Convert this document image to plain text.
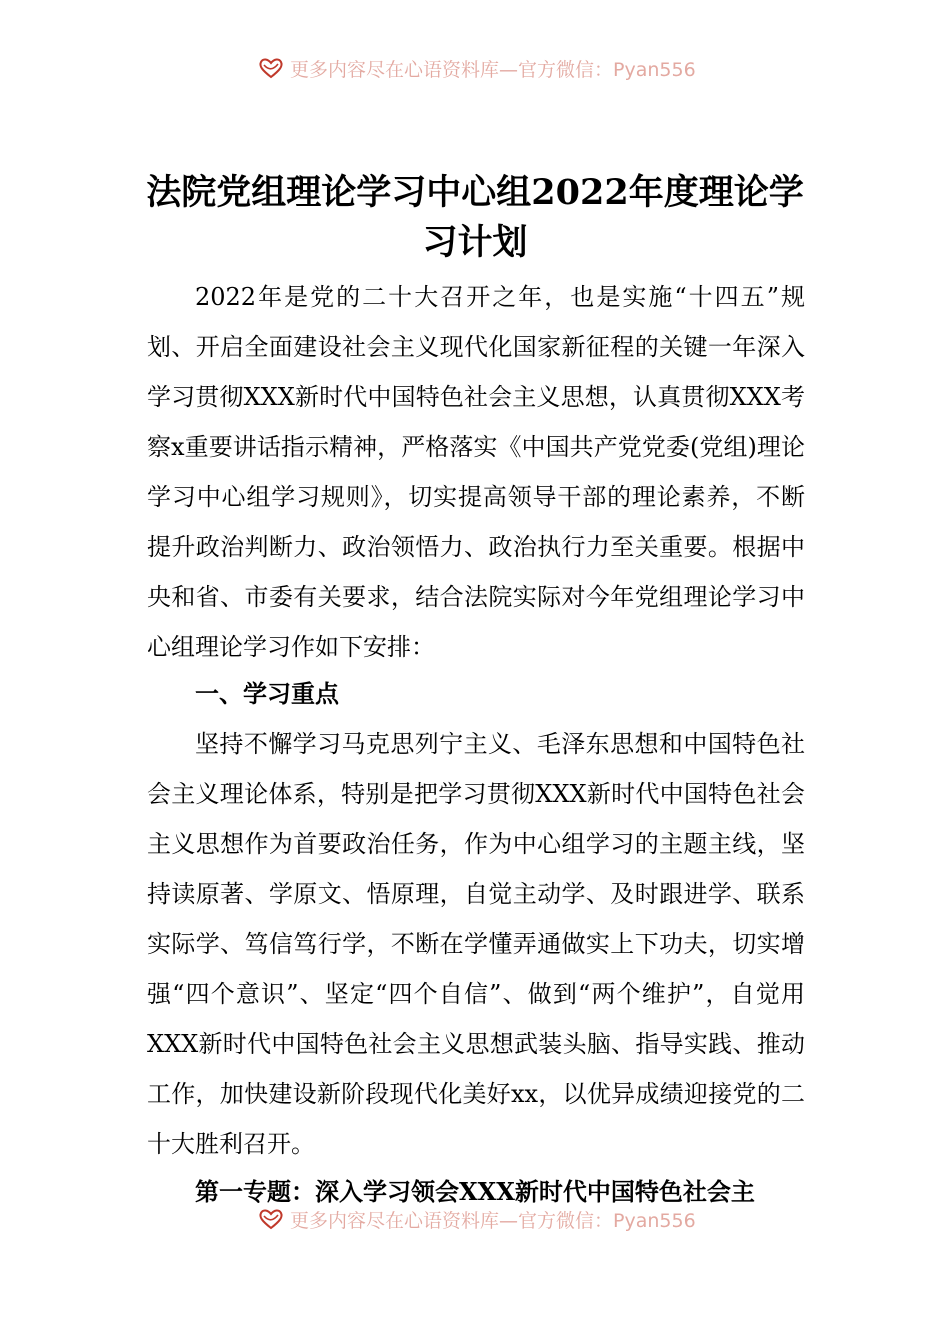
更多内容尽在心语资料库—官方微信：Pyan556
法院党组理论学习中心组2022年度理论学习计划

2022年是党的二十大召开之年，也是实施“十四五”规划、开启全面建设社会主义现代化国家新征程的关键一年深入学习贯彻XXX新时代中国特色社会主义思想，认真贯彻XXX考察x重要讲话指示精神，严格落实《中国共产党党委(党组)理论学习中心组学习规则》，切实提高领导干部的理论素养，不断提升政治判断力、政治领悟力、政治执行力至关重要。根据中央和省、市委有关要求，结合法院实际对今年党组理论学习中心组理论学习作如下安排：

一、学习重点

坚持不懈学习马克思列宁主义、毛泽东思想和中国特色社会主义理论体系，特别是把学习贯彻XXX新时代中国特色社会主义思想作为首要政治任务，作为中心组学习的主题主线，坚持读原著、学原文、悟原理，自觉主动学、及时跟进学、联系实际学、笃信笃行学，不断在学懂弄通做实上下功夫，切实增强“四个意识”、坚定“四个自信”、做到“两个维护”，自觉用XXX新时代中国特色社会主义思想武装头脑、指导实践、推动工作，加快建设新阶段现代化美好xx，以优异成绩迎接党的二十大胜利召开。

第一专题：深入学习领会XXX新时代中国特色社会主

更多内容尽在心语资料库—官方微信：Pyan556
